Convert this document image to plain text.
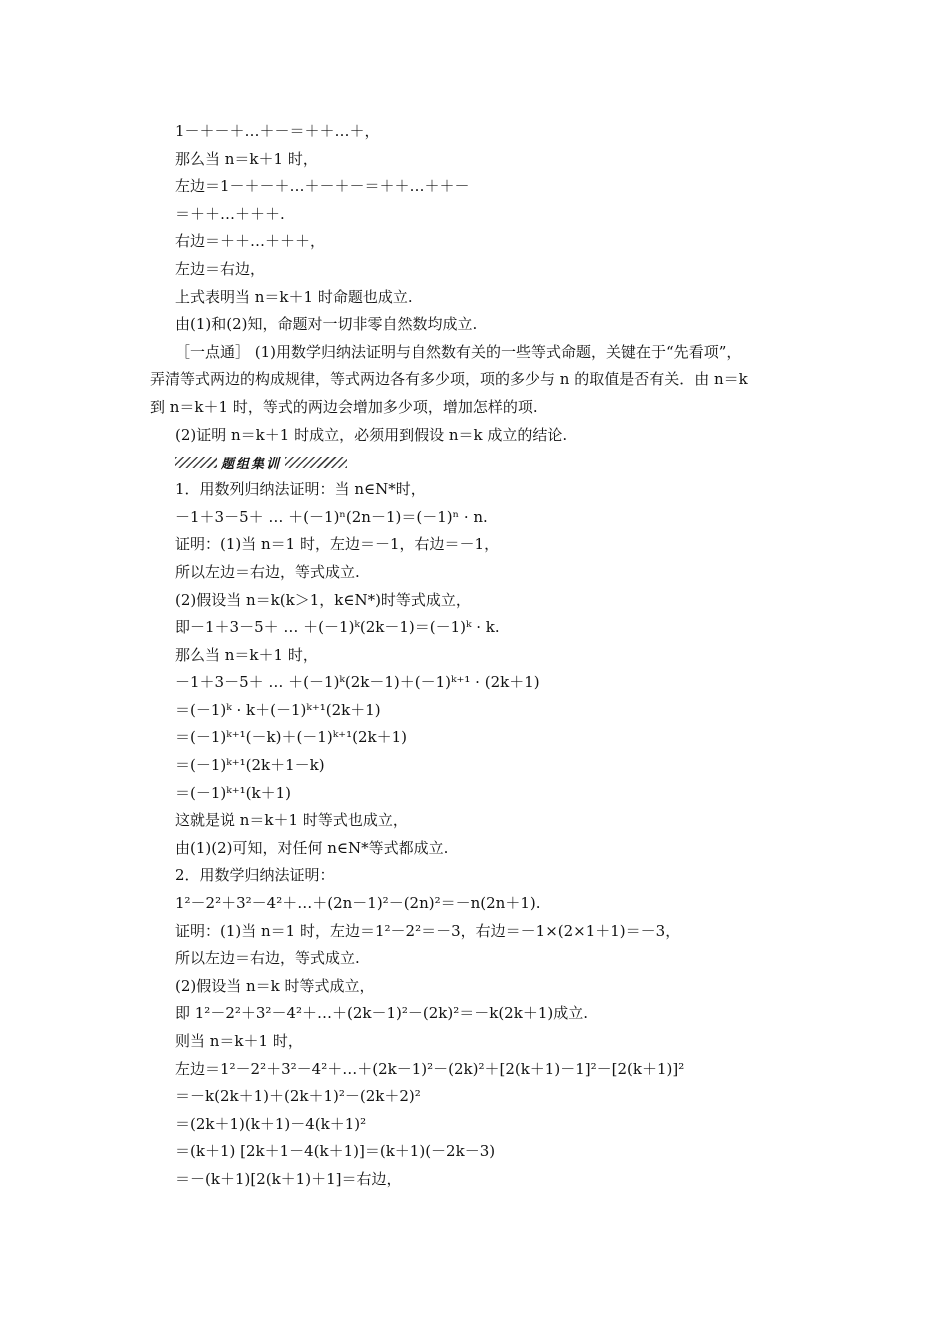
1－＋－＋…＋－＝＋＋…＋，
那么当 n＝k＋1 时，
左边＝1－＋－＋…＋－＋－＝＋＋…＋＋－
＝＋＋…＋＋＋.
右边＝＋＋…＋＋＋，
左边＝右边，
上式表明当 n＝k＋1 时命题也成立.
由(1)和(2)知，命题对一切非零自然数均成立.
［一点通］ (1)用数学归纳法证明与自然数有关的一些等式命题，关键在于“先看项”，
弄清等式两边的构成规律，等式两边各有多少项，项的多少与 n 的取值是否有关．由 n＝k
到 n＝k＋1 时，等式的两边会增加多少项，增加怎样的项.
(2)证明 n＝k＋1 时成立，必须用到假设 n＝k 成立的结论.
题组集训
1．用数列归纳法证明：当 n∈N*时，
－1＋3－5＋ … ＋(－1)ⁿ(2n－1)＝(－1)ⁿ · n.
证明：(1)当 n＝1 时，左边＝－1，右边＝－1，
所以左边＝右边，等式成立.
(2)假设当 n＝k(k＞1，k∈N*)时等式成立，
即－1＋3－5＋ … ＋(－1)ᵏ(2k－1)＝(－1)ᵏ · k.
那么当 n＝k＋1 时，
－1＋3－5＋ … ＋(－1)ᵏ(2k－1)＋(－1)ᵏ⁺¹ · (2k＋1)
＝(－1)ᵏ · k＋(－1)ᵏ⁺¹(2k＋1)
＝(－1)ᵏ⁺¹(－k)＋(－1)ᵏ⁺¹(2k＋1)
＝(－1)ᵏ⁺¹(2k＋1－k)
＝(－1)ᵏ⁺¹(k＋1)
这就是说 n＝k＋1 时等式也成立，
由(1)(2)可知，对任何 n∈N*等式都成立.
2．用数学归纳法证明：
1²－2²＋3²－4²＋…＋(2n－1)²－(2n)²＝－n(2n＋1).
证明：(1)当 n＝1 时，左边＝1²－2²＝－3，右边＝－1×(2×1＋1)＝－3，
所以左边＝右边，等式成立.
(2)假设当 n＝k 时等式成立，
即 1²－2²＋3²－4²＋…＋(2k－1)²－(2k)²＝－k(2k＋1)成立.
则当 n＝k＋1 时，
左边＝1²－2²＋3²－4²＋…＋(2k－1)²－(2k)²＋[2(k＋1)－1]²－[2(k＋1)]²
＝－k(2k＋1)＋(2k＋1)²－(2k＋2)²
＝(2k＋1)(k＋1)－4(k＋1)²
＝(k＋1) [2k＋1－4(k＋1)]＝(k＋1)(－2k－3)
＝－(k＋1)[2(k＋1)＋1]＝右边，
